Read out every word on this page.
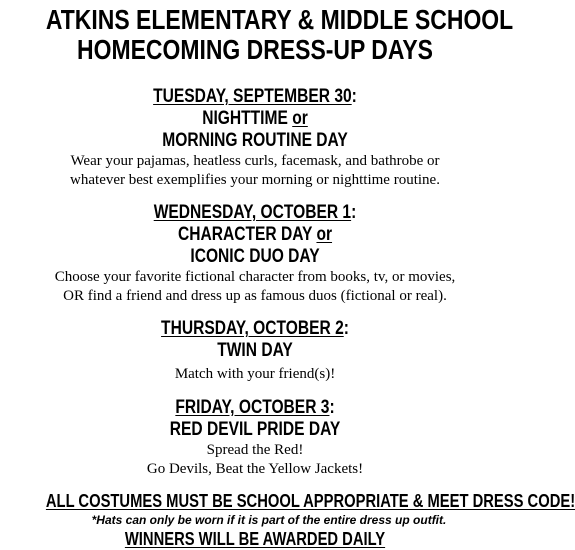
ATKINS ELEMENTARY & MIDDLE SCHOOL
HOMECOMING DRESS-UP DAYS
TUESDAY, SEPTEMBER 30:
NIGHTTIME or
MORNING ROUTINE DAY
Wear your pajamas, heatless curls, facemask, and bathrobe or
whatever best exemplifies your morning or nighttime routine.
WEDNESDAY, OCTOBER 1:
CHARACTER DAY or
ICONIC DUO DAY
Choose your favorite fictional character from books, tv, or movies,
OR find a friend and dress up as famous duos (fictional or real).
THURSDAY, OCTOBER 2:
TWIN DAY
Match with your friend(s)!
FRIDAY, OCTOBER 3:
RED DEVIL PRIDE DAY
Spread the Red!
Go Devils, Beat the Yellow Jackets!
ALL COSTUMES MUST BE SCHOOL APPROPRIATE & MEET DRESS CODE!
*Hats can only be worn if it is part of the entire dress up outfit.
WINNERS WILL BE AWARDED DAILY
